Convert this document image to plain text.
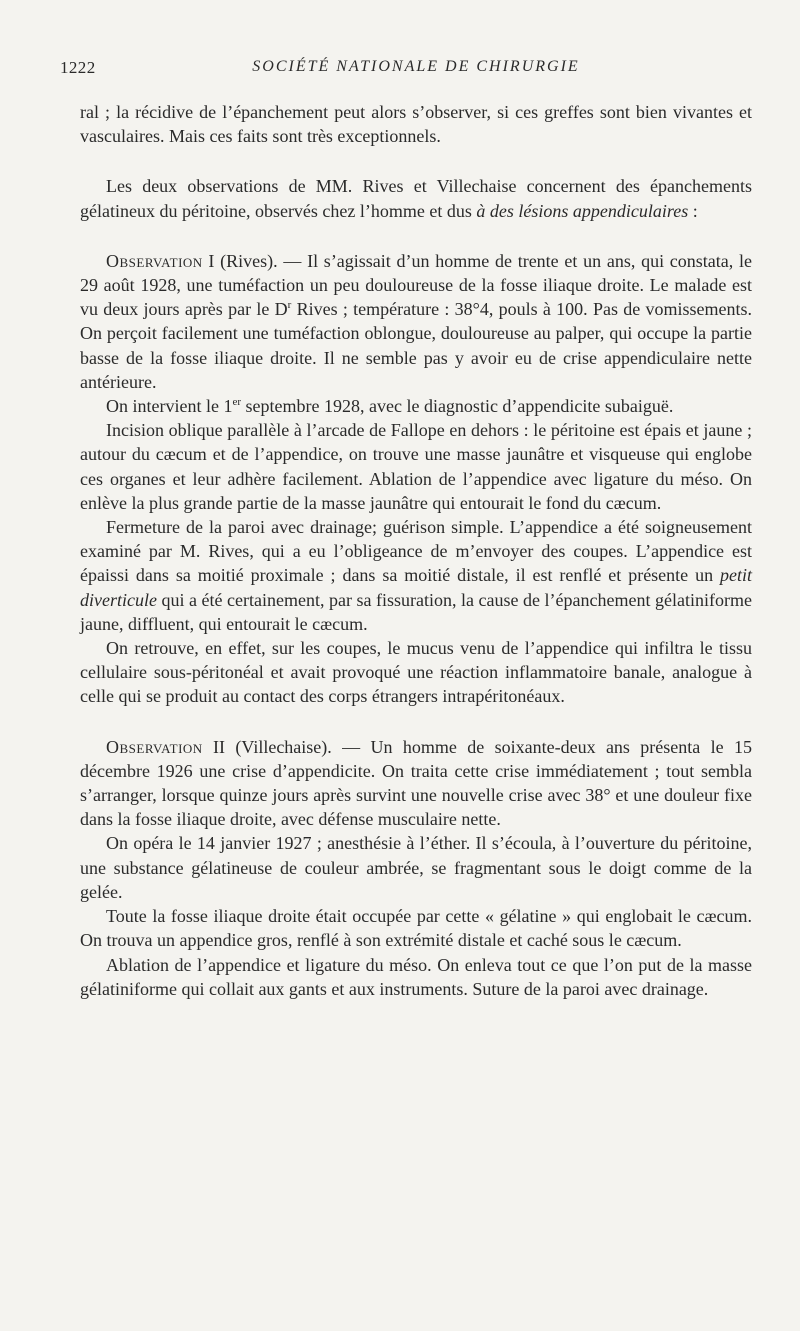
1222	SOCIÉTÉ NATIONALE DE CHIRURGIE

ral ; la récidive de l’épanchement peut alors s’observer, si ces greffes sont bien vivantes et vasculaires. Mais ces faits sont très exceptionnels.

Les deux observations de MM. Rives et Villechaise concernent des épanchements gélatineux du péritoine, observés chez l’homme et dus à des lésions appendiculaires :

Observation I (Rives). — Il s’agissait d’un homme de trente et un ans, qui constata, le 29 août 1928, une tuméfaction un peu douloureuse de la fosse iliaque droite. Le malade est vu deux jours après par le $D^r$ Rives ; température : 38°4, pouls à 100. Pas de vomissements. On perçoit facilement une tuméfaction oblongue, douloureuse au palper, qui occupe la partie basse de la fosse iliaque droite. Il ne semble pas y avoir eu de crise appendiculaire nette antérieure.

On intervient le 1er septembre 1928, avec le diagnostic d’appendicite subaiguë.

Incision oblique parallèle à l’arcade de Fallope en dehors : le péritoine est épais et jaune ; autour du cæcum et de l’appendice, on trouve une masse jaunâtre et visqueuse qui englobe ces organes et leur adhère facilement. Ablation de l’appendice avec ligature du méso. On enlève la plus grande partie de la masse jaunâtre qui entourait le fond du cæcum.

Fermeture de la paroi avec drainage; guérison simple. L’appendice a été soigneusement examiné par M. Rives, qui a eu l’obligeance de m’envoyer des coupes. L’appendice est épaissi dans sa moitié proximale ; dans sa moitié distale, il est renflé et présente un petit diverticule qui a été certainement, par sa fissuration, la cause de l’épanchement gélatiniforme jaune, diffluent, qui entourait le cæcum.

On retrouve, en effet, sur les coupes, le mucus venu de l’appendice qui infiltra le tissu cellulaire sous-péritonéal et avait provoqué une réaction inflammatoire banale, analogue à celle qui se produit au contact des corps étrangers intrapéritonéaux.

Observation II (Villechaise). — Un homme de soixante-deux ans présenta le 15 décembre 1926 une crise d’appendicite. On traita cette crise immédiatement ; tout sembla s’arranger, lorsque quinze jours après survint une nouvelle crise avec 38° et une douleur fixe dans la fosse iliaque droite, avec défense musculaire nette.

On opéra le 14 janvier 1927 ; anesthésie à l’éther. Il s’écoula, à l’ouverture du péritoine, une substance gélatineuse de couleur ambrée, se fragmentant sous le doigt comme de la gelée.

Toute la fosse iliaque droite était occupée par cette « gélatine » qui englobait le cæcum. On trouva un appendice gros, renflé à son extrémité distale et caché sous le cæcum.

Ablation de l’appendice et ligature du méso. On enleva tout ce que l’on put de la masse gélatiniforme qui collait aux gants et aux instruments. Suture de la paroi avec drainage.
